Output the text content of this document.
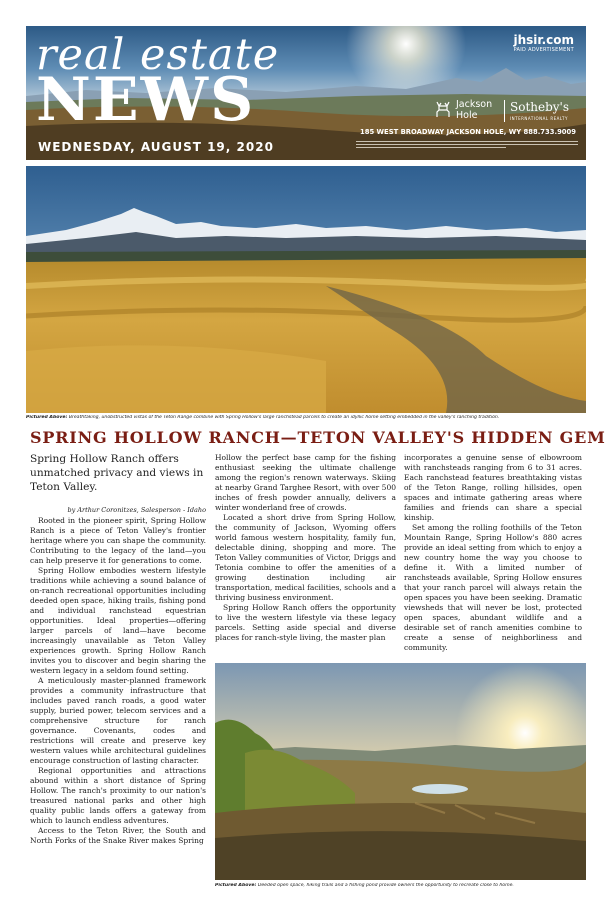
real estate
NEWS
WEDNESDAY, AUGUST 19, 2020
jhsir.com
PAID ADVERTISEMENT
Jackson
Hole
Sotheby's
INTERNATIONAL REALTY
185 WEST BROADWAY JACKSON HOLE, WY 888.733.9009
Pictured Above: Breathtaking, unobstructed vistas of the Teton Range combine with Spring Hollow's large ranchstead parcels to create an idyllic home setting embedded in the valley's ranching tradition.
SPRING HOLLOW RANCH—TETON VALLEY'S HIDDEN GEM
Spring Hollow Ranch offers unmatched privacy and views in Teton Valley.
by Arthur Coronitzes, Salesperson - Idaho

Rooted in the pioneer spirit, Spring Hollow Ranch is a piece of Teton Valley's frontier heritage where you can shape the community. Contributing to the legacy of the land—you can help preserve it for generations to come.

Spring Hollow embodies western lifestyle traditions while achieving a sound balance of on-ranch recreational opportunities including deeded open space, hiking trails, fishing pond and individual ranchstead equestrian opportunities. Ideal properties—offering larger parcels of land—have become increasingly unavailable as Teton Valley experiences growth. Spring Hollow Ranch invites you to discover and begin sharing the western legacy in a seldom found setting.

A meticulously master-planned framework provides a community infrastructure that includes paved ranch roads, a good water supply, buried power, telecom services and a comprehensive structure for ranch governance. Covenants, codes and restrictions will create and preserve key western values while architectural guidelines encourage construction of lasting character.

Regional opportunities and attractions abound within a short distance of Spring Hollow. The ranch's proximity to our nation's treasured national parks and other high quality public lands offers a gateway from which to launch endless adventures.

Access to the Teton River, the South and North Forks of the Snake River makes Spring

Hollow the perfect base camp for the fishing enthusiast seeking the ultimate challenge among the region's renown waterways. Skiing at nearby Grand Targhee Resort, with over 500 inches of fresh powder annually, delivers a winter wonderland free of crowds.

Located a short drive from Spring Hollow, the community of Jackson, Wyoming offers world famous western hospitality, family fun, delectable dining, shopping and more. The Teton Valley communities of Victor, Driggs and Tetonia combine to offer the amenities of a growing destination including air transportation, medical facilities, schools and a thriving business environment.

Spring Hollow Ranch offers the opportunity to live the western lifestyle via these legacy parcels. Setting aside special and diverse places for ranch-style living, the master plan

incorporates a genuine sense of elbowroom with ranchsteads ranging from 6 to 31 acres. Each ranchstead features breathtaking vistas of the Teton Range, rolling hillsides, open spaces and intimate gathering areas where families and friends can share a special kinship.

Set among the rolling foothills of the Teton Mountain Range, Spring Hollow's 880 acres provide an ideal setting from which to enjoy a new country home the way you choose to define it. With a limited number of ranchsteads available, Spring Hollow ensures that your ranch parcel will always retain the open spaces you have been seeking. Dramatic viewsheds that will never be lost, protected open spaces, abundant wildlife and a desirable set of ranch amenities combine to create a sense of neighborliness and community.

Pictured Above: Deeded open space, hiking trails and a fishing pond provide owners the opportunity to recreate close to home.
